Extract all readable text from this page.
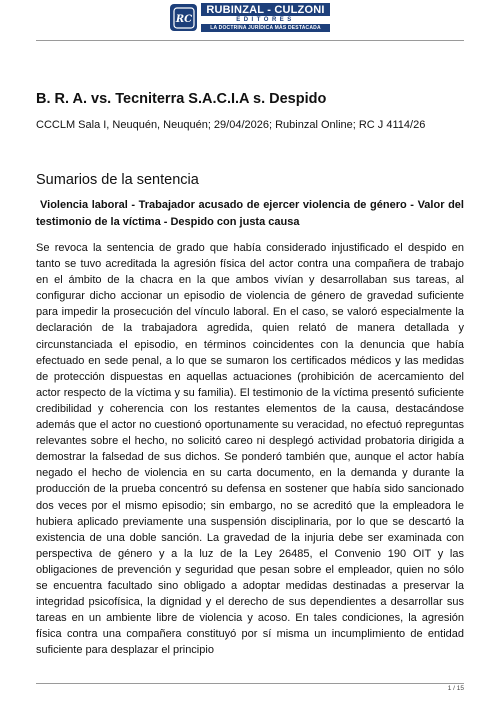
RC
RUBINZAL - CULZONI
EDITORES
LA DOCTRINA JURÍDICA MÁS DESTACADA
B. R. A. vs. Tecniterra S.A.C.I.A s. Despido

CCCLM Sala I, Neuquén, Neuquén; 29/04/2026; Rubinzal Online; RC J 4114/26

Sumarios de la sentencia

Violencia laboral - Trabajador acusado de ejercer violencia de género - Valor del testimonio de la víctima - Despido con justa causa

Se revoca la sentencia de grado que había considerado injustificado el despido en tanto se tuvo acreditada la agresión física del actor contra una compañera de trabajo en el ámbito de la chacra en la que ambos vivían y desarrollaban sus tareas, al configurar dicho accionar un episodio de violencia de género de gravedad suficiente para impedir la prosecución del vínculo laboral. En el caso, se valoró especialmente la declaración de la trabajadora agredida, quien relató de manera detallada y circunstanciada el episodio, en términos coincidentes con la denuncia que había efectuado en sede penal, a lo que se sumaron los certificados médicos y las medidas de protección dispuestas en aquellas actuaciones (prohibición de acercamiento del actor respecto de la víctima y su familia). El testimonio de la víctima presentó suficiente credibilidad y coherencia con los restantes elementos de la causa, destacándose además que el actor no cuestionó oportunamente su veracidad, no efectuó repreguntas relevantes sobre el hecho, no solicitó careo ni desplegó actividad probatoria dirigida a demostrar la falsedad de sus dichos. Se ponderó también que, aunque el actor había negado el hecho de violencia en su carta documento, en la demanda y durante la producción de la prueba concentró su defensa en sostener que había sido sancionado dos veces por el mismo episodio; sin embargo, no se acreditó que la empleadora le hubiera aplicado previamente una suspensión disciplinaria, por lo que se descartó la existencia de una doble sanción. La gravedad de la injuria debe ser examinada con perspectiva de género y a la luz de la Ley 26485, el Convenio 190 OIT y las obligaciones de prevención y seguridad que pesan sobre el empleador, quien no sólo se encuentra facultado sino obligado a adoptar medidas destinadas a preservar la integridad psicofísica, la dignidad y el derecho de sus dependientes a desarrollar sus tareas en un ambiente libre de violencia y acoso. En tales condiciones, la agresión física contra una compañera constituyó por sí misma un incumplimiento de entidad suficiente para desplazar el principio

1 / 15
